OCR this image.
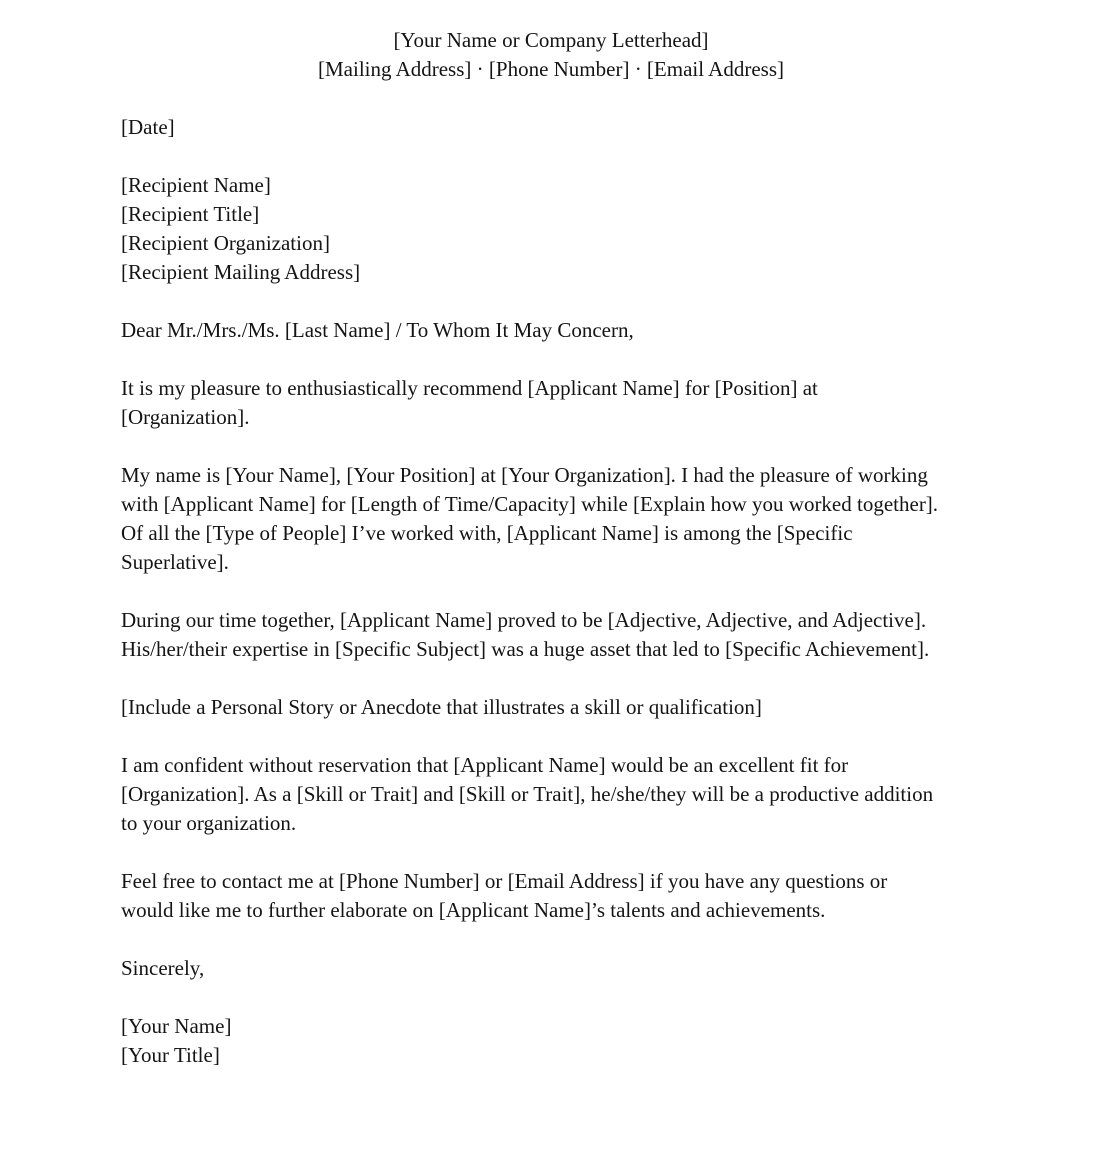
[Your Name or Company Letterhead]
[Mailing Address] · [Phone Number] · [Email Address]
[Date]
[Recipient Name]
[Recipient Title]
[Recipient Organization]
[Recipient Mailing Address]
Dear Mr./Mrs./Ms. [Last Name] / To Whom It May Concern,
It is my pleasure to enthusiastically recommend [Applicant Name] for [Position] at
[Organization].
My name is [Your Name], [Your Position] at [Your Organization]. I had the pleasure of working
with [Applicant Name] for [Length of Time/Capacity] while [Explain how you worked together].
Of all the [Type of People] I’ve worked with, [Applicant Name] is among the [Specific
Superlative].
During our time together, [Applicant Name] proved to be [Adjective, Adjective, and Adjective].
His/her/their expertise in [Specific Subject] was a huge asset that led to [Specific Achievement].
[Include a Personal Story or Anecdote that illustrates a skill or qualification]
I am confident without reservation that [Applicant Name] would be an excellent fit for
[Organization]. As a [Skill or Trait] and [Skill or Trait], he/she/they will be a productive addition
to your organization.
Feel free to contact me at [Phone Number] or [Email Address] if you have any questions or
would like me to further elaborate on [Applicant Name]’s talents and achievements.
Sincerely,
[Your Name]
[Your Title]
